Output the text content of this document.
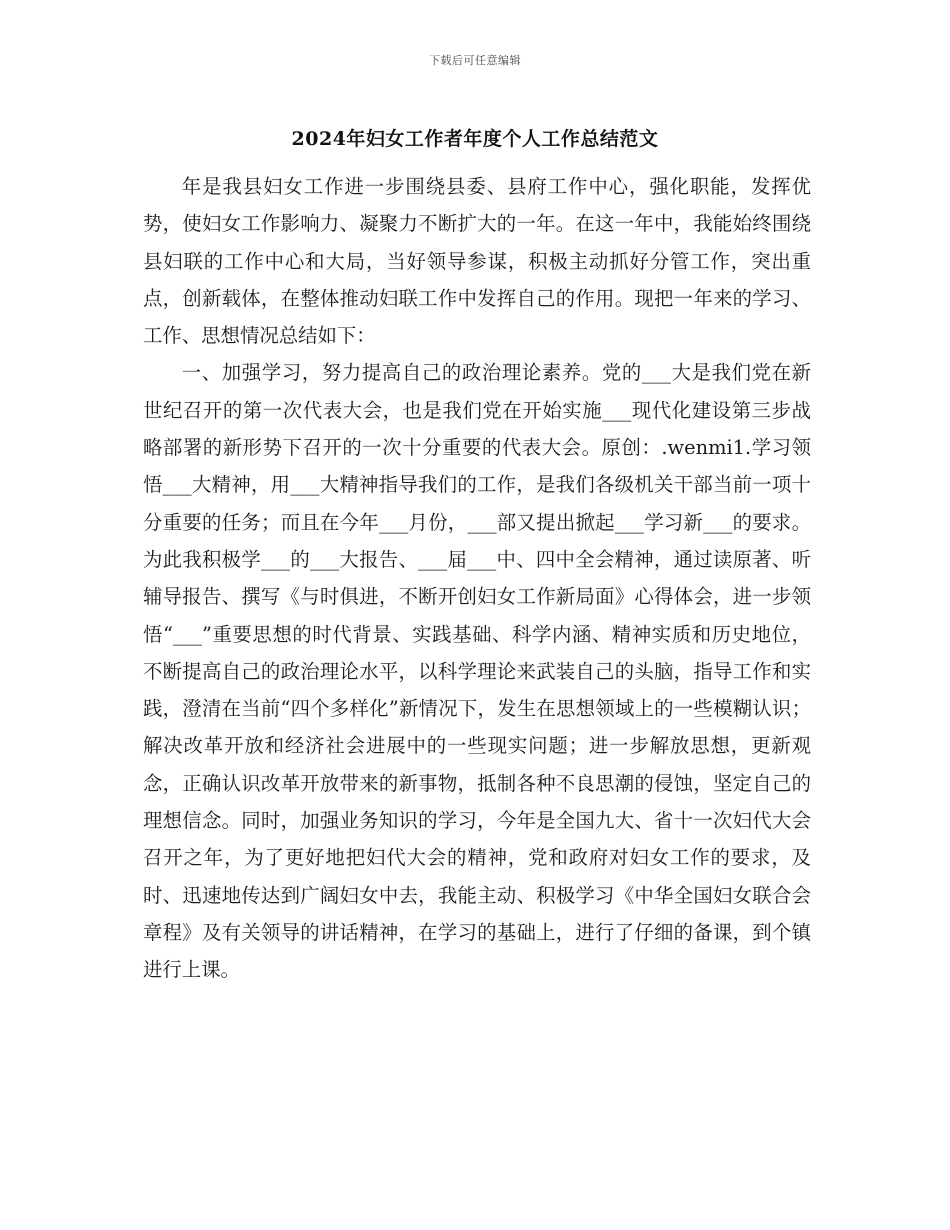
下载后可任意编辑
2024年妇女工作者年度个人工作总结范文

年是我县妇女工作进一步围绕县委、县府工作中心，强化职能，发挥优势，使妇女工作影响力、凝聚力不断扩大的一年。在这一年中，我能始终围绕县妇联的工作中心和大局，当好领导参谋，积极主动抓好分管工作，突出重点，创新载体，在整体推动妇联工作中发挥自己的作用。现把一年来的学习、工作、思想情况总结如下：

一、加强学习，努力提高自己的政治理论素养。党的___大是我们党在新世纪召开的第一次代表大会，也是我们党在开始实施___现代化建设第三步战略部署的新形势下召开的一次十分重要的代表大会。原创：.wenmi1.学习领悟___大精神，用___大精神指导我们的工作，是我们各级机关干部当前一项十分重要的任务；而且在今年___月份，___部又提出掀起___学习新___的要求。为此我积极学___的___大报告、___届___中、四中全会精神，通过读原著、听辅导报告、撰写《与时俱进，不断开创妇女工作新局面》心得体会，进一步领悟“___”重要思想的时代背景、实践基础、科学内涵、精神实质和历史地位，不断提高自己的政治理论水平，以科学理论来武装自己的头脑，指导工作和实践，澄清在当前“四个多样化”新情况下，发生在思想领域上的一些模糊认识；解决改革开放和经济社会进展中的一些现实问题；进一步解放思想，更新观念，正确认识改革开放带来的新事物，抵制各种不良思潮的侵蚀，坚定自己的理想信念。同时，加强业务知识的学习，今年是全国九大、省十一次妇代大会召开之年，为了更好地把妇代大会的精神，党和政府对妇女工作的要求，及时、迅速地传达到广阔妇女中去，我能主动、积极学习《中华全国妇女联合会章程》及有关领导的讲话精神，在学习的基础上，进行了仔细的备课，到个镇进行上课。
